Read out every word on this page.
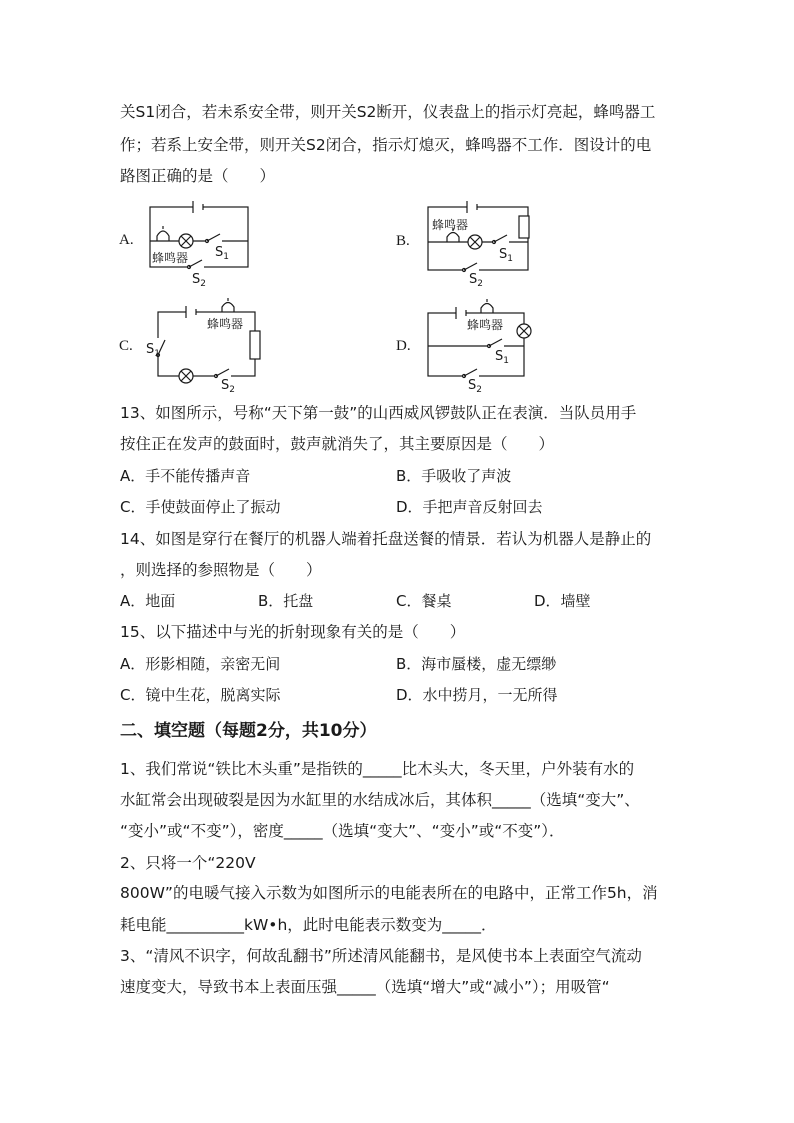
关S1闭合，若未系安全带，则开关S2断开，仪表盘上的指示灯亮起，蜂鸣器工
作；若系上安全带，则开关S2闭合，指示灯熄灭，蜂鸣器不工作．图设计的电
路图正确的是（　　）
A.	B.
C.	D.
蜂鸣器 $S_1$
$S_2$
蜂鸣器
$S_1$
$S_2$
蜂鸣器
$S_1$
$S_2$
蜂鸣器
$S_1$
$S_2$
13、如图所示，号称“天下第一鼓”的山西威风锣鼓队正在表演．当队员用手
按住正在发声的鼓面时，鼓声就消失了，其主要原因是（　　）
A．手不能传播声音	B．手吸收了声波
C．手使鼓面停止了振动	D．手把声音反射回去
14、如图是穿行在餐厅的机器人端着托盘送餐的情景．若认为机器人是静止的
，则选择的参照物是（　　）
A．地面	B．托盘	C．餐桌	D．墙壁
15、以下描述中与光的折射现象有关的是（　　）
A．形影相随，亲密无间	B．海市蜃楼，虚无缥缈
C．镜中生花，脱离实际	D．水中捞月，一无所得
二、填空题（每题2分，共10分）
1、我们常说“铁比木头重”是指铁的_____比木头大，冬天里，户外装有水的
水缸常会出现破裂是因为水缸里的水结成冰后，其体积_____（选填“变大”、
“变小”或“不变”），密度_____（选填“变大”、“变小”或“不变”）．
2、只将一个“220V
800W”的电暖气接入示数为如图所示的电能表所在的电路中，正常工作5h，消
耗电能__________kW•h，此时电能表示数变为_____．
3、“清风不识字，何故乱翻书”所述清风能翻书，是风使书本上表面空气流动
速度变大，导致书本上表面压强_____（选填“增大”或“减小”）；用吸管“
